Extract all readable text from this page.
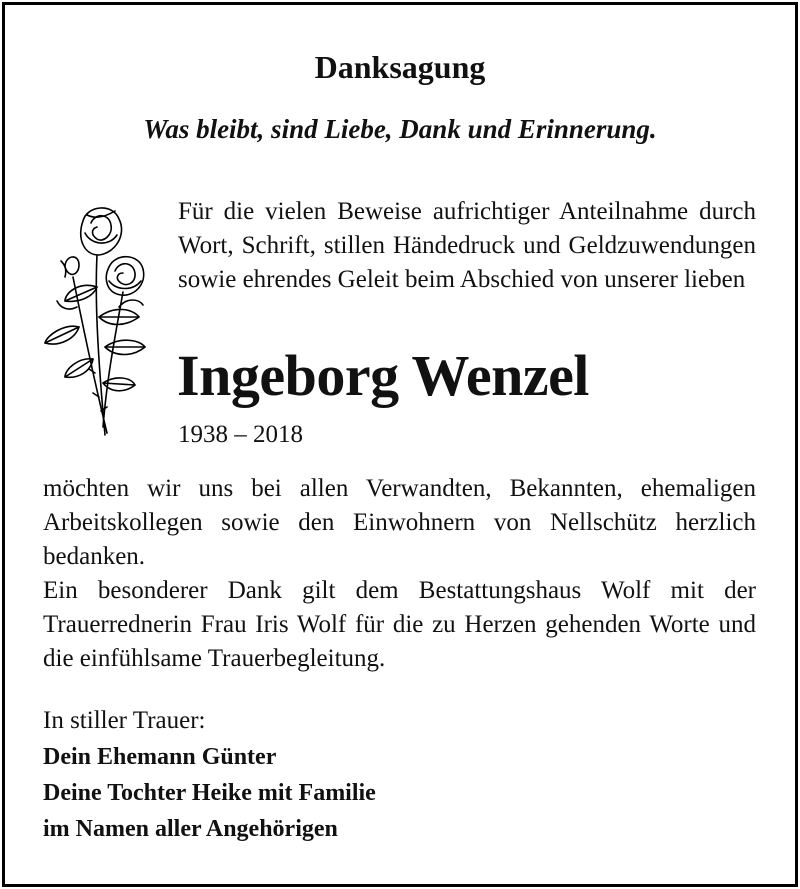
Danksagung
Was bleibt, sind Liebe, Dank und Erinnerung.
Für die vielen Beweise aufrichtiger Anteilnahme durch Wort, Schrift, stillen Händedruck und Geldzuwendungen sowie ehrendes Geleit beim Abschied von unserer lieben
Ingeborg Wenzel
1938 – 2018

möchten wir uns bei allen Verwandten, Bekannten, ehemaligen Arbeitskollegen sowie den Einwohnern von Nellschütz herzlich bedanken.

Ein besonderer Dank gilt dem Bestattungshaus Wolf mit der Trauerrednerin Frau Iris Wolf für die zu Herzen gehenden Worte und die einfühlsame Trauerbegleitung.

In stiller Trauer:
Dein Ehemann Günter
Deine Tochter Heike mit Familie
im Namen aller Angehörigen
